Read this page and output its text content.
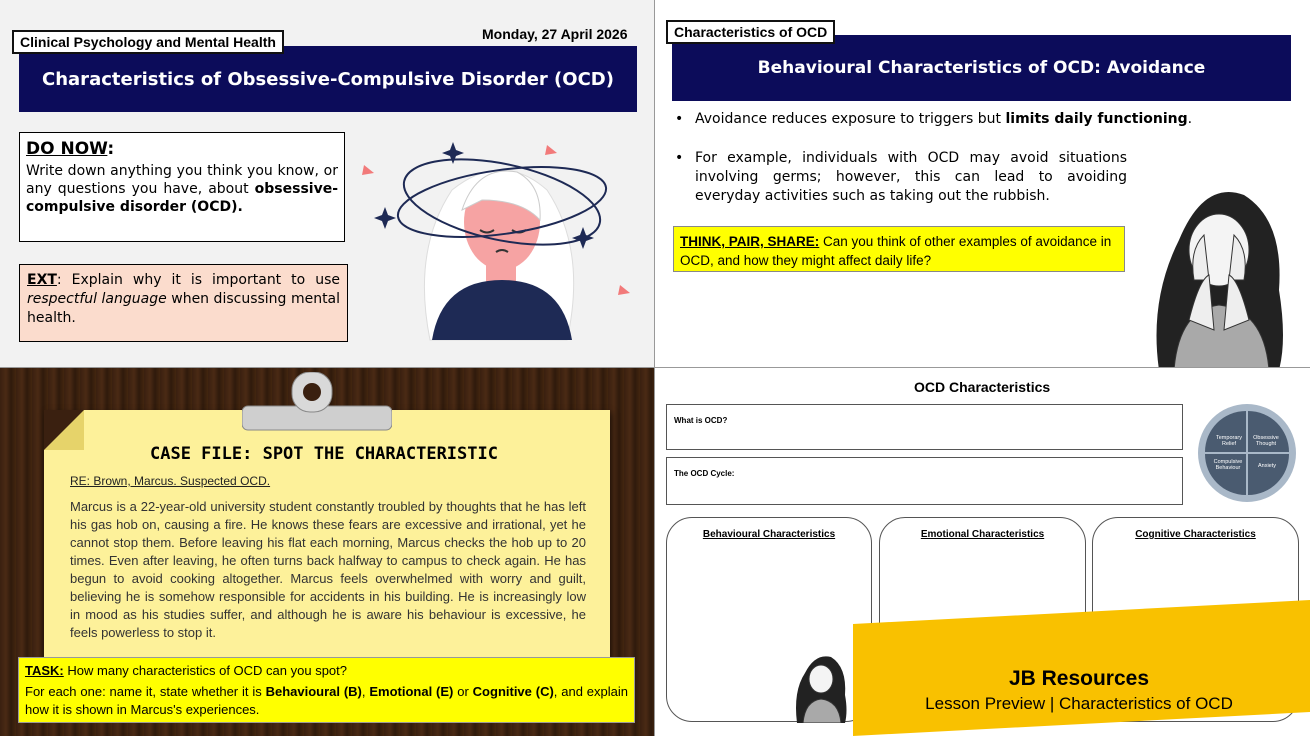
Characteristics of Obsessive-Compulsive Disorder (OCD)
Clinical Psychology and Mental Health	Monday, 27 April 2026
DO NOW:
Write down anything you think you know, or any questions you have, about obsessive-compulsive disorder (OCD).
EXT: Explain why it is important to use respectful language when discussing mental health.
Behavioural Characteristics of OCD: Avoidance
Characteristics of OCD
• Avoidance reduces exposure to triggers but limits daily functioning.
• For example, individuals with OCD may avoid situations involving germs; however, this can lead to avoiding everyday activities such as taking out the rubbish.
THINK, PAIR, SHARE: Can you think of other examples of avoidance in OCD, and how they might affect daily life?
CASE FILE: SPOT THE CHARACTERISTIC
RE: Brown, Marcus. Suspected OCD.
Marcus is a 22-year-old university student constantly troubled by thoughts that he has left his gas hob on, causing a fire. He knows these fears are excessive and irrational, yet he cannot stop them. Before leaving his flat each morning, Marcus checks the hob up to 20 times. Even after leaving, he often turns back halfway to campus to check again. He has begun to avoid cooking altogether. Marcus feels overwhelmed with worry and guilt, believing he is somehow responsible for accidents in his building. He is increasingly low in mood as his studies suffer, and although he is aware his behaviour is excessive, he feels powerless to stop it.
TASK: How many characteristics of OCD can you spot?
For each one: name it, state whether it is Behavioural (B), Emotional (E) or Cognitive (C), and explain how it is shown in Marcus's experiences.
OCD Characteristics
What is OCD?
The OCD Cycle:
Temporary Relief
Obsessive Thought
Compulsive Behaviour	Anxiety
Behavioural Characteristics	Emotional Characteristics	Cognitive Characteristics
JB Resources
Lesson Preview | Characteristics of OCD
